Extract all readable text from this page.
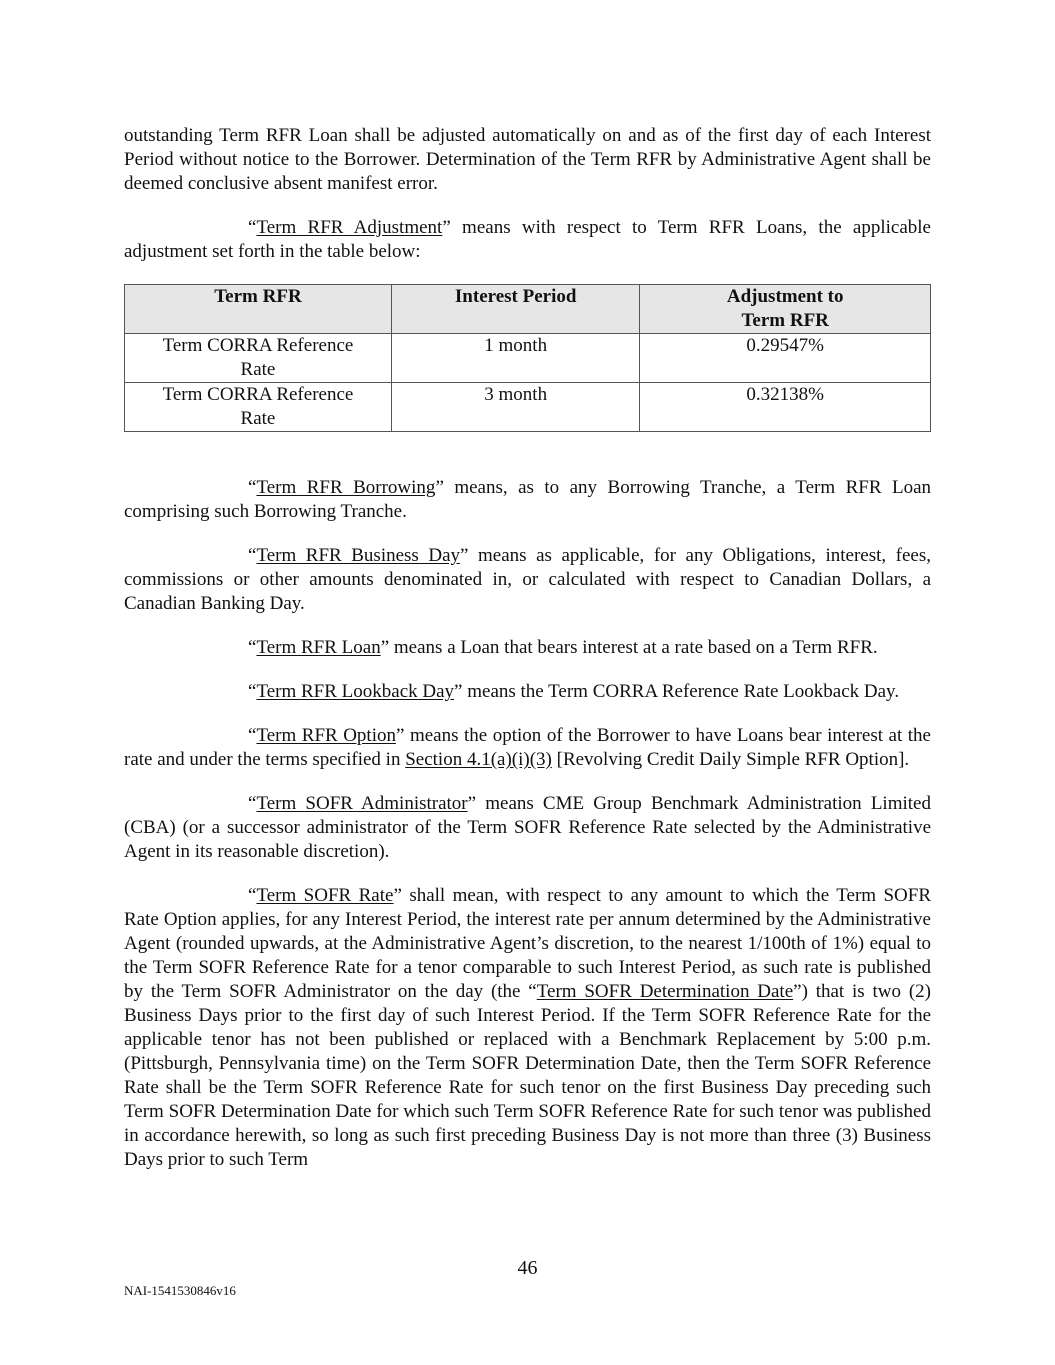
outstanding Term RFR Loan shall be adjusted automatically on and as of the first day of each Interest Period without notice to the Borrower. Determination of the Term RFR by Administrative Agent shall be deemed conclusive absent manifest error.

“Term RFR Adjustment” means with respect to Term RFR Loans, the applicable adjustment set forth in the table below:

Term RFR	Interest Period	Adjustment to Term RFR

Term CORRA Reference Rate	1 month	0.29547%

Term CORRA Reference Rate	3 month	0.32138%

“Term RFR Borrowing” means, as to any Borrowing Tranche, a Term RFR Loan comprising such Borrowing Tranche.

“Term RFR Business Day” means as applicable, for any Obligations, interest, fees, commissions or other amounts denominated in, or calculated with respect to Canadian Dollars, a Canadian Banking Day.

“Term RFR Loan” means a Loan that bears interest at a rate based on a Term RFR.

“Term RFR Lookback Day” means the Term CORRA Reference Rate Lookback Day.

“Term RFR Option” means the option of the Borrower to have Loans bear interest at the rate and under the terms specified in Section 4.1(a)(i)(3) [Revolving Credit Daily Simple RFR Option].

“Term SOFR Administrator” means CME Group Benchmark Administration Limited (CBA) (or a successor administrator of the Term SOFR Reference Rate selected by the Administrative Agent in its reasonable discretion).

“Term SOFR Rate” shall mean, with respect to any amount to which the Term SOFR Rate Option applies, for any Interest Period, the interest rate per annum determined by the Administrative Agent (rounded upwards, at the Administrative Agent’s discretion, to the nearest 1/100th of 1%) equal to the Term SOFR Reference Rate for a tenor comparable to such Interest Period, as such rate is published by the Term SOFR Administrator on the day (the “Term SOFR Determination Date”) that is two (2) Business Days prior to the first day of such Interest Period. If the Term SOFR Reference Rate for the applicable tenor has not been published or replaced with a Benchmark Replacement by 5:00 p.m. (Pittsburgh, Pennsylvania time) on the Term SOFR Determination Date, then the Term SOFR Reference Rate shall be the Term SOFR Reference Rate for such tenor on the first Business Day preceding such Term SOFR Determination Date for which such Term SOFR Reference Rate for such tenor was published in accordance herewith, so long as such first preceding Business Day is not more than three (3) Business Days prior to such Term

46
NAI-1541530846v16
